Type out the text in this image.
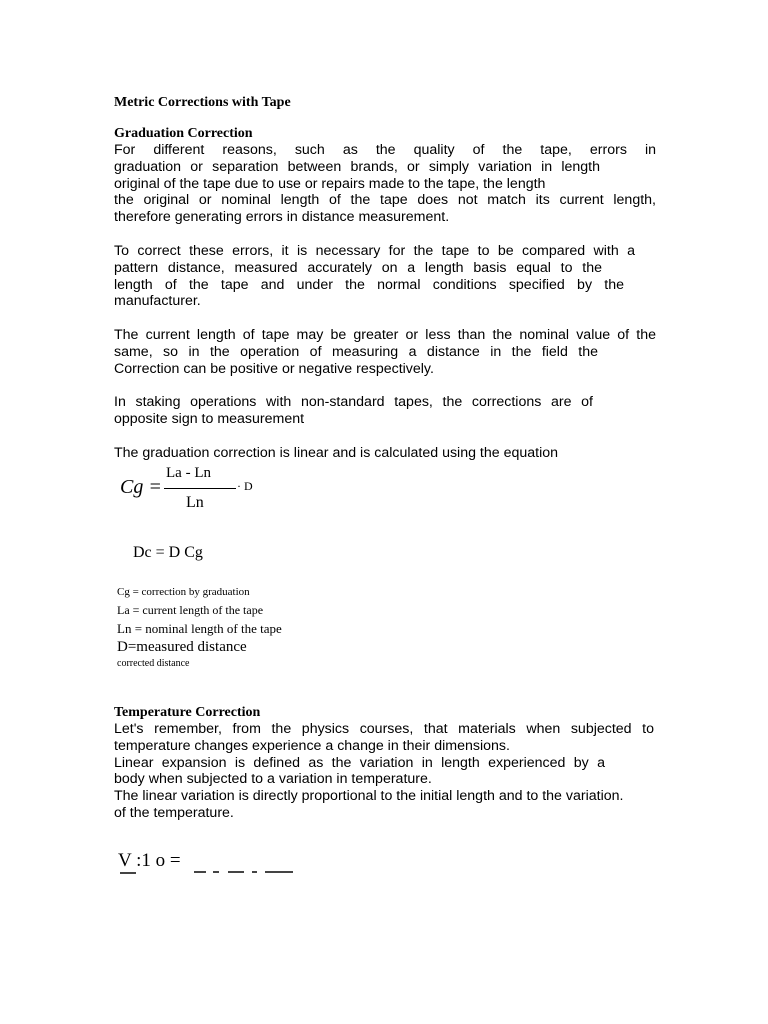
Metric Corrections with Tape
Graduation Correction
For different reasons, such as the quality of the tape, errors in
graduation or separation between brands, or simply variation in length
original of the tape due to use or repairs made to the tape, the length
the original or nominal length of the tape does not match its current length,
therefore generating errors in distance measurement.
To correct these errors, it is necessary for the tape to be compared with a
pattern distance, measured accurately on a length basis equal to the
length of the tape and under the normal conditions specified by the
manufacturer.
The current length of tape may be greater or less than the nominal value of the
same, so in the operation of measuring a distance in the field the
Correction can be positive or negative respectively.
In staking operations with non-standard tapes, the corrections are of
opposite sign to measurement
The graduation correction is linear and is calculated using the equation
Cg =
La - Ln
Ln
· D
Dc = D Cg
Cg = correction by graduation
La = current length of the tape
Ln = nominal length of the tape
D=measured distance
corrected distance
Temperature Correction
Let's remember, from the physics courses, that materials when subjected to
temperature changes experience a change in their dimensions.
Linear expansion is defined as the variation in length experienced by a
body when subjected to a variation in temperature.
The linear variation is directly proportional to the initial length and to the variation.
of the temperature.
V :1 o =
